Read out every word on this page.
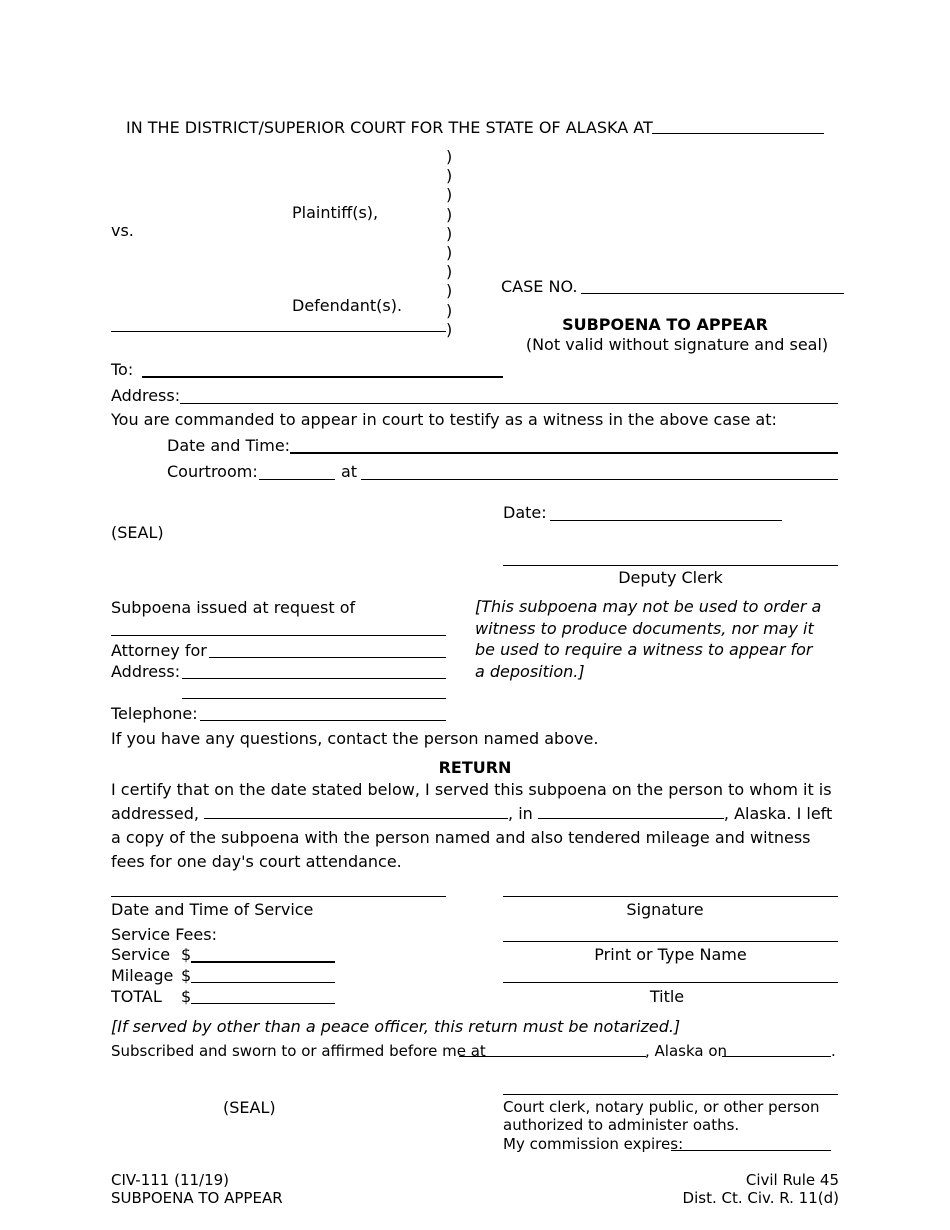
IN THE DISTRICT/SUPERIOR COURT FOR THE STATE OF ALASKA AT
)
)
)
)
)
)
)
)
)
)
Plaintiff(s),
vs.
CASE NO.
Defendant(s).
SUBPOENA TO APPEAR
(Not valid without signature and seal)
To:
Address:
You are commanded to appear in court to testify as a witness in the above case at:
Date and Time:
Courtroom:	at
Date:
(SEAL)
Deputy Clerk
Subpoena issued at request of	[This subpoena may not be used to order a witness to produce documents, nor may it be used to require a witness to appear for a deposition.]
Attorney for
Address:
Telephone:
If you have any questions, contact the person named above.
RETURN
I certify that on the date stated below, I served this subpoena on the person to whom it is addressed,	, in	, Alaska. I left a copy of the subpoena with the person named and also tendered mileage and witness fees for one day's court attendance.
Date and Time of Service	Signature
Service Fees:
Print or Type Name
Service $
Mileage $
TOTAL $	Title
[If served by other than a peace officer, this return must be notarized.]
Subscribed and sworn to or affirmed before me at	, Alaska on	.
(SEAL)	Court clerk, notary public, or other person
authorized to administer oaths.
My commission expires:
CIV-111 (11/19)
SUBPOENA TO APPEAR
Civil Rule 45
Dist. Ct. Civ. R. 11(d)
